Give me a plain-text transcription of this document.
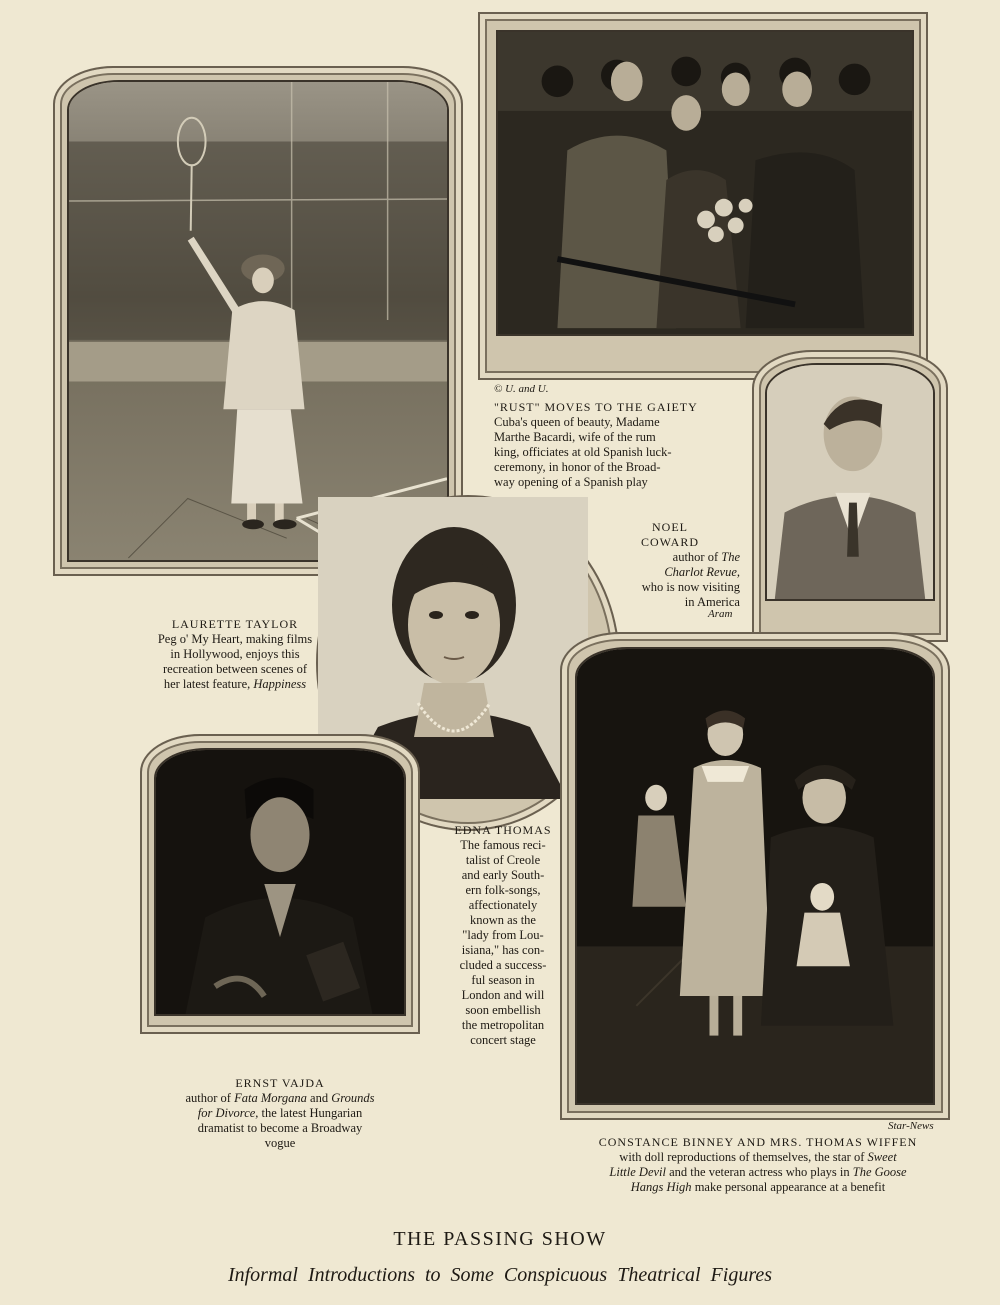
© U. and U.
"RUST" MOVES TO THE GAIETY
Cuba's queen of beauty, Madame
Marthe Bacardi, wife of the rum
king, officiates at old Spanish luck-
ceremony, in honor of the Broad-
way opening of a Spanish play
NOEL
COWARD
author of The
Charlot Revue,
who is now visiting
in America
Aram
LAURETTE TAYLOR
Peg o' My Heart, making films
in Hollywood, enjoys this
recreation between scenes of
her latest feature, Happiness
ERNST VAJDA
author of Fata Morgana and Grounds
for Divorce, the latest Hungarian
dramatist to become a Broadway
vogue
EDNA THOMAS
The famous reci-
talist of Creole
and early South-
ern folk-songs,
affectionately
known as the
"lady from Lou-
isiana," has con-
cluded a success-
ful season in
London and will
soon embellish
the metropolitan
concert stage
Star-News
CONSTANCE BINNEY AND MRS. THOMAS WIFFEN
with doll reproductions of themselves, the star of Sweet
Little Devil and the veteran actress who plays in The Goose
Hangs High make personal appearance at a benefit
THE PASSING SHOW
Informal Introductions to Some Conspicuous Theatrical Figures
